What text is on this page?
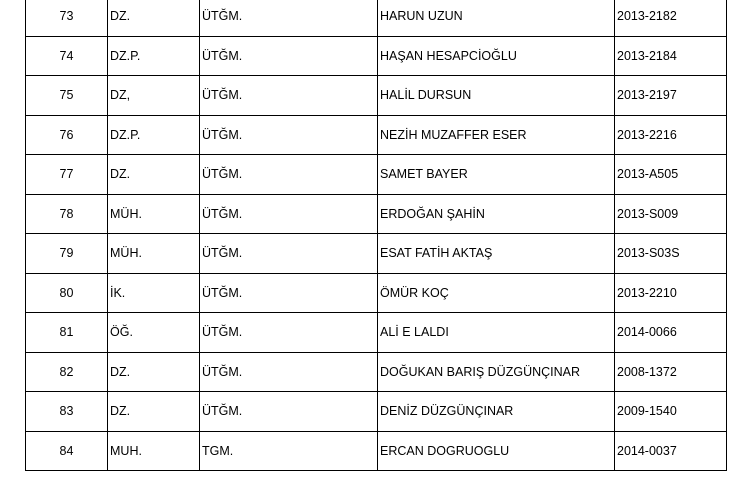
73	DZ.	ÜTĞM.	HARUN UZUN	2013-2182
74	DZ.P.	ÜTĞM.	HAŞAN HESAPCİOĞLU	2013-2184
75	DZ,	ÜTĞM.	HALİL DURSUN	2013-2197
76	DZ.P.	ÜTĞM.	NEZİH MUZAFFER ESER	2013-2216
77	DZ.	ÜTĞM.	SAMET BAYER	2013-A505
78	MÜH.	ÜTĞM.	ERDOĞAN ŞAHİN	2013-S009
79	MÜH.	ÜTĞM.	ESAT FATİH AKTAŞ	2013-S03S
80	İK.	ÜTĞM.	ÖMÜR KOÇ	2013-2210
81	ÖĞ.	ÜTĞM.	ALİ E LALDI	2014-0066
82	DZ.	ÜTĞM.	DOĞUKAN BARIŞ DÜZGÜNÇINAR	2008-1372
83	DZ.	ÜTĞM.	DENİZ DÜZGÜNÇINAR	2009-1540
84	MUH.	TGM.	ERCAN DOGRUOGLU	2014-0037
